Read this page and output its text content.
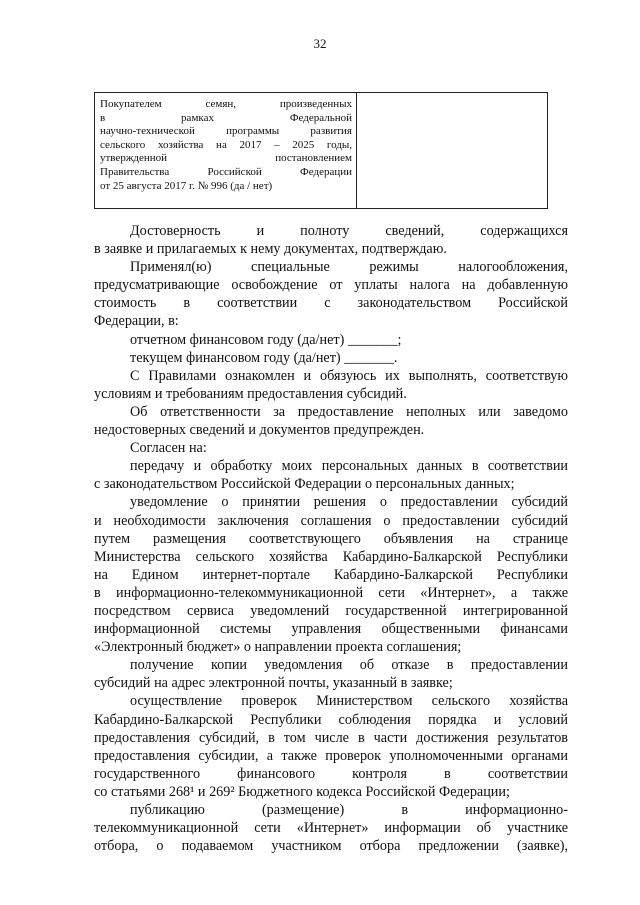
32
Покупателем семян, произведенных
в рамках Федеральной
научно-технической программы развития
сельского хозяйства на 2017 – 2025 годы,
утвержденной постановлением
Правительства Российской Федерации
от 25 августа 2017 г. № 996 (да / нет)
Достоверность и полноту сведений, содержащихся
в заявке и прилагаемых к нему документах, подтверждаю.
Применял(ю) специальные режимы налогообложения,
предусматривающие освобождение от уплаты налога на добавленную
стоимость в соответствии с законодательством Российской
Федерации, в:
отчетном финансовом году (да/нет) _______;
текущем финансовом году (да/нет) _______.
С Правилами ознакомлен и обязуюсь их выполнять, соответствую
условиям и требованиям предоставления субсидий.
Об ответственности за предоставление неполных или заведомо
недостоверных сведений и документов предупрежден.
Согласен на:
передачу и обработку моих персональных данных в соответствии
с законодательством Российской Федерации о персональных данных;
уведомление о принятии решения о предоставлении субсидий
и необходимости заключения соглашения о предоставлении субсидий
путем размещения соответствующего объявления на странице
Министерства сельского хозяйства Кабардино-Балкарской Республики
на Едином интернет-портале Кабардино-Балкарской Республики
в информационно-телекоммуникационной сети «Интернет», а также
посредством сервиса уведомлений государственной интегрированной
информационной системы управления общественными финансами
«Электронный бюджет» о направлении проекта соглашения;
получение копии уведомления об отказе в предоставлении
субсидий на адрес электронной почты, указанный в заявке;
осуществление проверок Министерством сельского хозяйства
Кабардино-Балкарской Республики соблюдения порядка и условий
предоставления субсидий, в том числе в части достижения результатов
предоставления субсидии, а также проверок уполномоченными органами
государственного финансового контроля в соответствии
со статьями 268¹ и 269² Бюджетного кодекса Российской Федерации;
публикацию (размещение) в информационно-
телекоммуникационной сети «Интернет» информации об участнике
отбора, о подаваемом участником отбора предложении (заявке),
